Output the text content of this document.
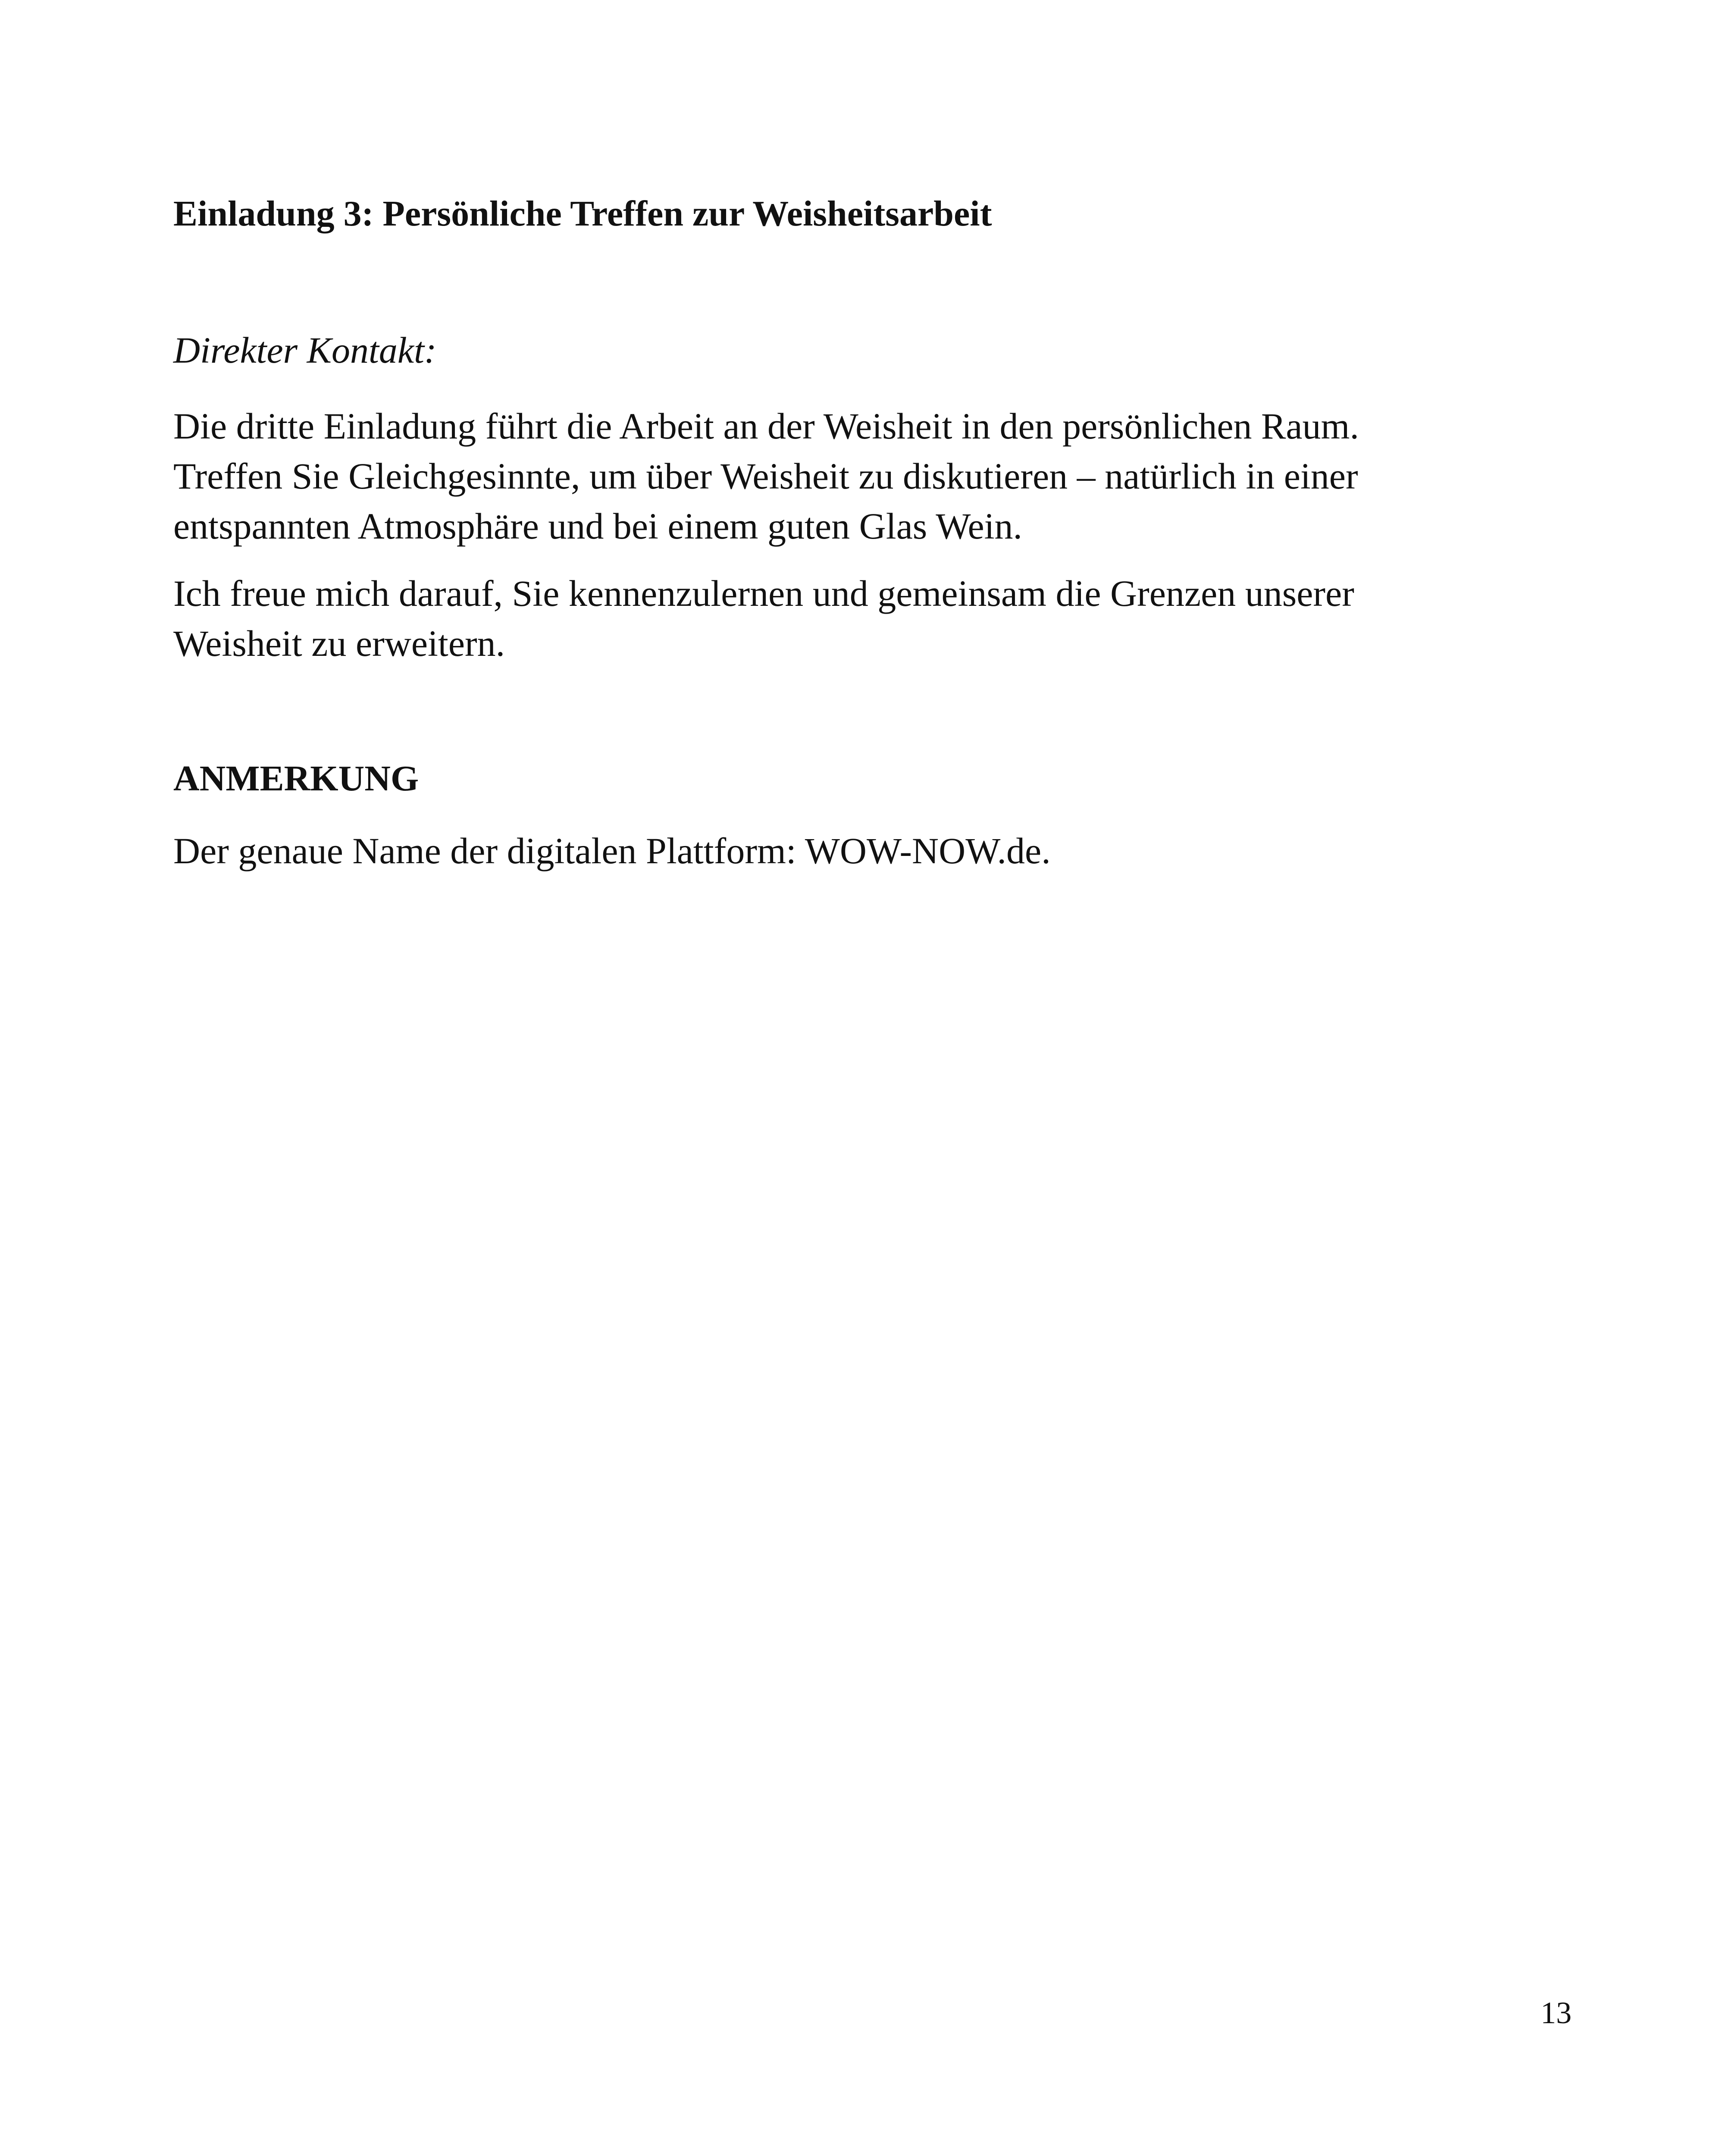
Einladung 3: Persönliche Treffen zur Weisheitsarbeit
Direkter Kontakt:
Die dritte Einladung führt die Arbeit an der Weisheit in den persönlichen Raum.
Treffen Sie Gleichgesinnte, um über Weisheit zu diskutieren – natürlich in einer
entspannten Atmosphäre und bei einem guten Glas Wein.
Ich freue mich darauf, Sie kennenzulernen und gemeinsam die Grenzen unserer
Weisheit zu erweitern.
ANMERKUNG
Der genaue Name der digitalen Plattform: WOW-NOW.de.
13
